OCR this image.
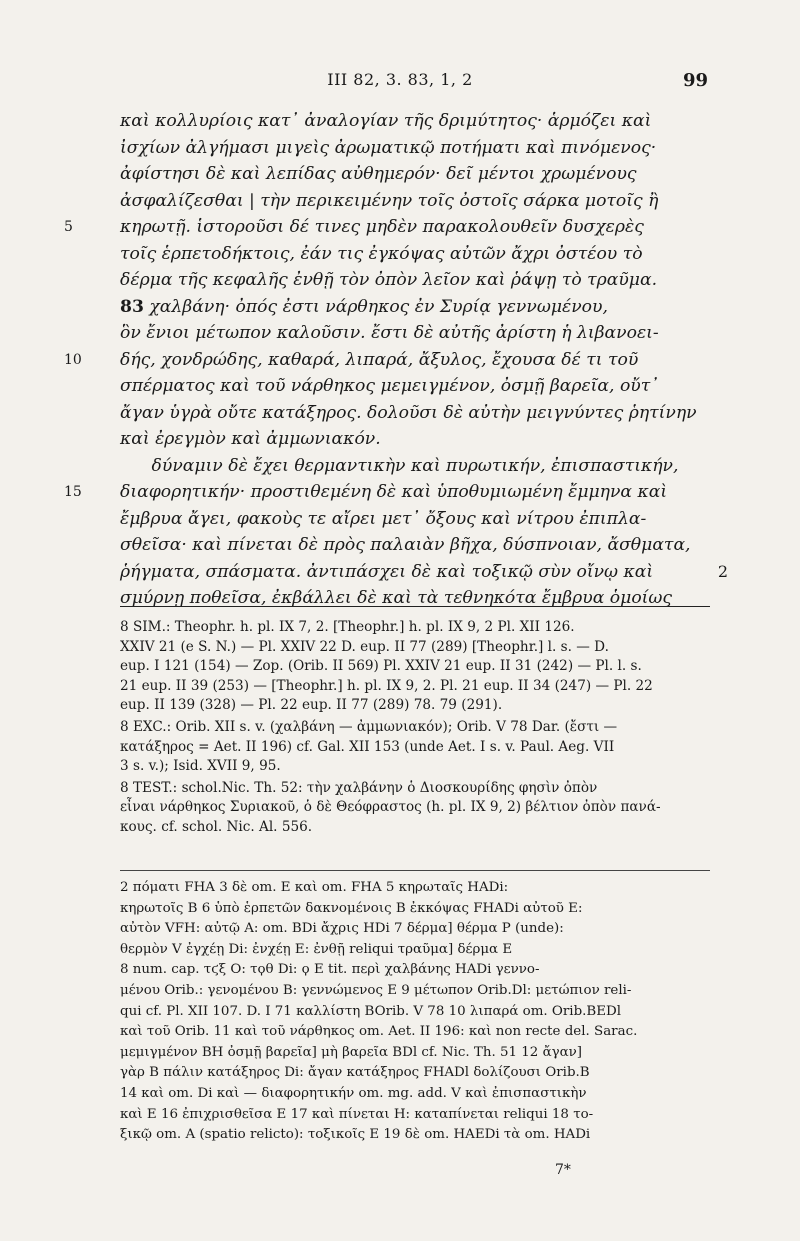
III 82, 3. 83, 1, 2	99
καὶ κολλυρίοις κατ᾿ ἀναλογίαν τῆς δριμύτητος· ἁρμόζει καὶ
ἰσχίων ἀλγήμασι μιγεὶς ἀρωματικῷ ποτήματι καὶ πινόμενος·
ἀφίστησι δὲ καὶ λεπίδας αὐθημερόν· δεῖ μέντοι χρωμένους
ἀσφαλίζεσθαι | τὴν περικειμένην τοῖς ὀστοῖς σάρκα μοτοῖς ἢ
5	κηρωτῇ. ἱστοροῦσι δέ τινες μηδὲν παρακολουθεῖν δυσχερὲς
τοῖς ἑρπετοδήκτοις, ἐάν τις ἐγκόψας αὐτῶν ἄχρι ὀστέου τὸ
δέρμα τῆς κεφαλῆς ἐνθῇ τὸν ὀπὸν λεῖον καὶ ῥάψῃ τὸ τραῦμα.
83 χαλβάνη· ὀπός ἐστι νάρθηκος ἐν Συρίᾳ γεννωμένου,
ὃν ἔνιοι μέτωπον καλοῦσιν. ἔστι δὲ αὐτῆς ἀρίστη ἡ λιβανοει-
10 δής, χονδρώδης, καθαρά, λιπαρά, ἄξυλος, ἔχουσα δέ τι τοῦ
σπέρματος καὶ τοῦ νάρθηκος μεμειγμένον, ὀσμῇ βαρεῖα, οὔτ᾿
ἄγαν ὑγρὰ οὔτε κατάξηρος. δολοῦσι δὲ αὐτὴν μειγνύντες ῥητίνην
καὶ ἐρεγμὸν καὶ ἀμμωνιακόν.
δύναμιν δὲ ἔχει θερμαντικὴν καὶ πυρωτικήν, ἐπισπαστικήν,
15 διαφορητικήν· προστιθεμένη δὲ καὶ ὑποθυμιωμένη ἔμμηνα καὶ
ἔμβρυα ἄγει, φακοὺς τε αἴρει μετ᾿ ὄξους καὶ νίτρου ἐπιπλα-
σθεῖσα· καὶ πίνεται δὲ πρὸς παλαιὰν βῆχα, δύσπνοιαν, ἄσθματα,
ῥήγματα, σπάσματα. ἀντιπάσχει δὲ καὶ τοξικῷ σὺν οἴνῳ καὶ	2
σμύρνῃ ποθεῖσα, ἐκβάλλει δὲ καὶ τὰ τεθνηκότα ἔμβρυα ὁμοίως
8 SIM.: Theophr. h. pl. IX 7, 2. [Theophr.] h. pl. IX 9, 2 Pl. XII 126.
XXIV 21 (e S. N.) — Pl. XXIV 22 D. eup. II 77 (289) [Theophr.] l. s. — D.
eup. I 121 (154) — Zop. (Orib. II 569) Pl. XXIV 21 eup. II 31 (242) — Pl. l. s.
21 eup. II 39 (253) — [Theophr.] h. pl. IX 9, 2. Pl. 21 eup. II 34 (247) — Pl. 22
eup. II 139 (328) — Pl. 22 eup. II 77 (289) 78. 79 (291).
8 EXC.: Orib. XII s. v. (χαλβάνη — ἀμμωνιακόν); Orib. V 78 Dar. (ἔστι —
κατάξηρος = Aet. II 196) cf. Gal. XII 153 (unde Aet. I s. v. Paul. Aeg. VII
3 s. v.); Isid. XVII 9, 95.
8 TEST.: schol.Nic. Th. 52: τὴν χαλβάνην ὁ Διοσκουρίδης φησὶν ὀπὸν
εἶναι νάρθηκος Συριακοῦ, ὁ δὲ Θεόφραστος (h. pl. IX 9, 2) βέλτιον ὀπὸν πανά-
κους. cf. schol. Nic. Al. 556.
2 πόματι FHA 3 δὲ om. E καὶ om. FHA 5 κηρωταῖς HADi:
κηρωτοῖς B 6 ὑπὸ ἑρπετῶν δακνομένοις B ἐκκόψας FHADi αὐτοῦ E:
αὐτὸν VFH: αὐτῷ A: om. BDi ἄχρις HDi 7 δέρμα] θέρμα P (unde):
θερμὸν V ἐγχέῃ Di: ἐνχέῃ E: ἐνθῇ reliqui τραῦμα] δέρμα E
8 num. cap. τϛξ O: τϙθ Di: ϙ E tit. περὶ χαλβάνης HADi γεννο-
μένου Orib.: γενομένου B: γεννώμενος E 9 μέτωπον Orib.Dl: μετώπιον reli-
qui cf. Pl. XII 107. D. I 71 καλλίστη BOrib. V 78 10 λιπαρά om. Orib.BEDl
καὶ τοῦ Orib. 11 καὶ τοῦ νάρθηκος om. Aet. II 196: καὶ non recte del. Sarac.
μεμιγμένον BH ὀσμῇ βαρεῖα] μὴ βαρεῖα BDl cf. Nic. Th. 51 12 ἄγαν]
γὰρ B πάλιν κατάξηρος Di: ἄγαν κατάξηρος FHADl δολίζουσι Orib.B
14 καὶ om. Di καὶ — διαφορητικήν om. mg. add. V καὶ ἐπισπαστικὴν
καὶ E 16 ἐπιχρισθεῖσα E 17 καὶ πίνεται H: καταπίνεται reliqui 18 το-
ξικῷ om. A (spatio relicto): τοξικοῖς E 19 δὲ om. HAEDi τὰ om. HADi
7*
